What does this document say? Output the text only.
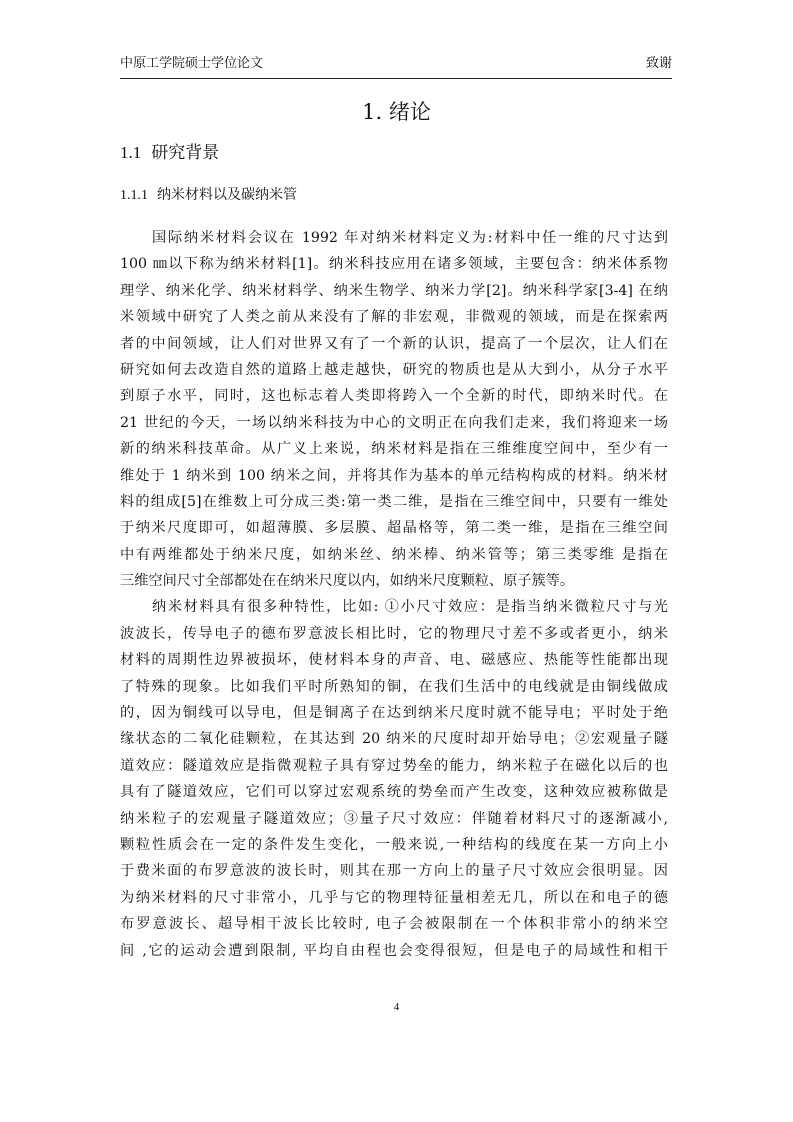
中原工学院硕士学位论文	致谢
1. 绪论
1.1 研究背景
1.1.1 纳米材料以及碳纳米管
国际纳米材料会议在 1992 年对纳米材料定义为:材料中任一维的尺寸达到
100 ㎚以下称为纳米材料[1]。纳米科技应用在诸多领域，主要包含：纳米体系物
理学、纳米化学、纳米材料学、纳米生物学、纳米力学[2]。纳米科学家[3-4] 在纳
米领域中研究了人类之前从来没有了解的非宏观，非微观的领域，而是在探索两
者的中间领域，让人们对世界又有了一个新的认识，提高了一个层次，让人们在
研究如何去改造自然的道路上越走越快，研究的物质也是从大到小，从分子水平
到原子水平，同时，这也标志着人类即将跨入一个全新的时代，即纳米时代。在
21 世纪的今天，一场以纳米科技为中心的文明正在向我们走来，我们将迎来一场
新的纳米科技革命。从广义上来说，纳米材料是指在三维维度空间中，至少有一
维处于 1 纳米到 100 纳米之间，并将其作为基本的单元结构构成的材料。纳米材
料的组成[5]在维数上可分成三类:第一类二维，是指在三维空间中，只要有一维处
于纳米尺度即可，如超薄膜、多层膜、超晶格等，第二类一维，是指在三维空间
中有两维都处于纳米尺度，如纳米丝、纳米棒、纳米管等；第三类零维 是指在
三维空间尺寸全部都处在在纳米尺度以内，如纳米尺度颗粒、原子簇等。
纳米材料具有很多种特性，比如: ①小尺寸效应：是指当纳米微粒尺寸与光
波波长，传导电子的德布罗意波长相比时，它的物理尺寸差不多或者更小，纳米
材料的周期性边界被损坏，使材料本身的声音、电、磁感应、热能等性能都出现
了特殊的现象。比如我们平时所熟知的铜，在我们生活中的电线就是由铜线做成
的，因为铜线可以导电，但是铜离子在达到纳米尺度时就不能导电；平时处于绝
缘状态的二氧化硅颗粒，在其达到 20 纳米的尺度时却开始导电；②宏观量子隧
道效应：隧道效应是指微观粒子具有穿过势垒的能力，纳米粒子在磁化以后的也
具有了隧道效应，它们可以穿过宏观系统的势垒而产生改变，这种效应被称做是
纳米粒子的宏观量子隧道效应；③量子尺寸效应：伴随着材料尺寸的逐渐减小,
颗粒性质会在一定的条件发生变化，一般来说,一种结构的线度在某一方向上小
于费米面的布罗意波的波长时，则其在那一方向上的量子尺寸效应会很明显。因
为纳米材料的尺寸非常小，几乎与它的物理特征量相差无几，所以在和电子的德
布罗意波长、超导相干波长比较时, 电子会被限制在一个体积非常小的纳米空
间 ,它的运动会遭到限制, 平均自由程也会变得很短，但是电子的局域性和相干
4
